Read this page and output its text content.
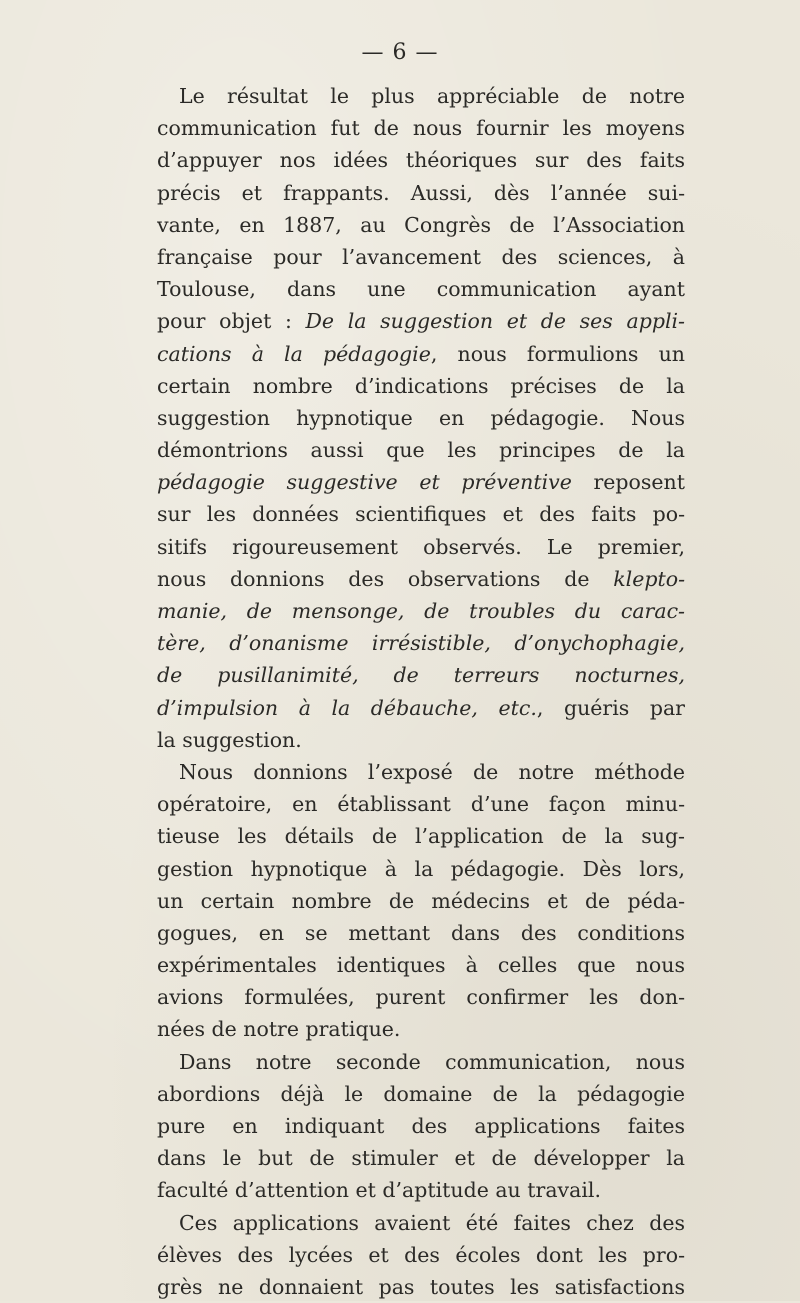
— 6 —
Le résultat le plus appréciable de notre
communication fut de nous fournir les moyens
d’appuyer nos idées théoriques sur des faits
précis et frappants. Aussi, dès l’année sui-
vante, en 1887, au Congrès de l’Association
française pour l’avancement des sciences, à
Toulouse, dans une communication ayant
pour objet : De la suggestion et de ses appli-
cations à la pédagogie, nous formulions un
certain nombre d’indications précises de la
suggestion hypnotique en pédagogie. Nous
démontrions aussi que les principes de la
pédagogie suggestive et préventive reposent
sur les données scientifiques et des faits po-
sitifs rigoureusement observés. Le premier,
nous donnions des observations de klepto-
manie, de mensonge, de troubles du carac-
tère, d’onanisme irrésistible, d’onychophagie,
de pusillanimité, de terreurs nocturnes,
d’impulsion à la débauche, etc., guéris par
la suggestion.
Nous donnions l’exposé de notre méthode
opératoire, en établissant d’une façon minu-
tieuse les détails de l’application de la sug-
gestion hypnotique à la pédagogie. Dès lors,
un certain nombre de médecins et de péda-
gogues, en se mettant dans des conditions
expérimentales identiques à celles que nous
avions formulées, purent confirmer les don-
nées de notre pratique.
Dans notre seconde communication, nous
abordions déjà le domaine de la pédagogie
pure en indiquant des applications faites
dans le but de stimuler et de développer la
faculté d’attention et d’aptitude au travail.
Ces applications avaient été faites chez des
élèves des lycées et des écoles dont les pro-
grès ne donnaient pas toutes les satisfactions
